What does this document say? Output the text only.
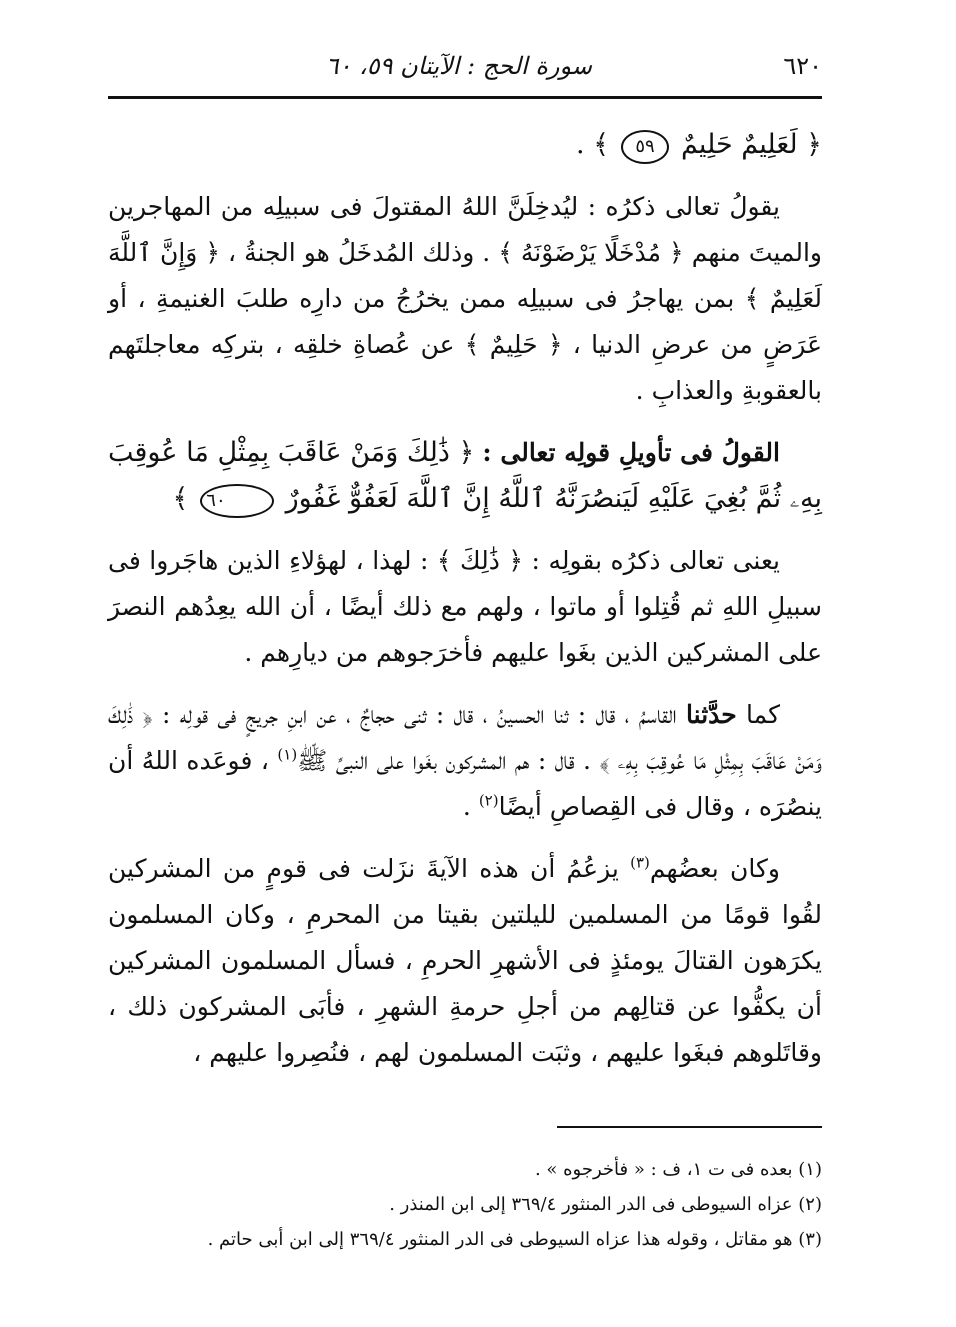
٦٢٠
سورة الحج : الآيتان ٥٩، ٦٠

﴿ لَعَلِيمٌ حَلِيمٌ ٥٩ ﴾ .

يقولُ تعالى ذكرُه : ليُدخِلَنَّ اللهُ المقتولَ فى سبيلِه من المهاجرين والميتَ منهم ﴿ مُدْخَلًا يَرْضَوْنَهُ ﴾ . وذلك المُدخَلُ هو الجنةُ ، ﴿ وَإِنَّ ٱللَّهَ لَعَلِيمٌ ﴾ بمن يهاجرُ فى سبيلِه ممن يخرُجُ من دارِه طلبَ الغنيمةِ ، أو عَرَضٍ من عرضِ الدنيا ، ﴿ حَلِيمٌ ﴾ عن عُصاةِ خلقِه ، بتركِه معاجلتَهم بالعقوبةِ والعذابِ .

القولُ فى تأويلِ قولِه تعالى : ﴿ ذَٰلِكَ وَمَنْ عَاقَبَ بِمِثْلِ مَا عُوقِبَ بِهِۦ ثُمَّ بُغِيَ عَلَيْهِ لَيَنصُرَنَّهُ ٱللَّهُ إِنَّ ٱللَّهَ لَعَفُوٌّ غَفُورٌ ٦٠ ﴾

يعنى تعالى ذكرُه بقولِه : ﴿ ذَٰلِكَ ﴾ : لهذا ، لهؤلاءِ الذين هاجَروا فى سبيلِ اللهِ ثم قُتِلوا أو ماتوا ، ولهم مع ذلك أيضًا ، أن الله يعِدُهم النصرَ على المشركين الذين بغَوا عليهم فأخرَجوهم من ديارِهم .

كما حدَّثنا القاسمُ ، قال : ثنا الحسينُ ، قال : ثنى حجاجٌ ، عن ابنِ جريجٍ فى قولِه : ﴿ ذَٰلِكَ وَمَنْ عَاقَبَ بِمِثْلِ مَا عُوقِبَ بِهِۦ ﴾ . قال : هم المشركون بغَوا على النبىِّ ﷺ$^{(١)}$ ، فوعَده اللهُ أن ينصُرَه ، وقال فى القِصاصِ أيضًا$^{(٢)}$ .

وكان بعضُهم$^{(٣)}$ يزعُمُ أن هذه الآيةَ نزَلت فى قومٍ من المشركين لقُوا قومًا من المسلمين لليلتين بقيتا من المحرمِ ، وكان المسلمون يكرَهون القتالَ يومئذٍ فى الأشهرِ الحرمِ ، فسأل المسلمون المشركين أن يكفُّوا عن قتالِهم من أجلِ حرمةِ الشهرِ ، فأبَى المشركون ذلك ، وقاتَلوهم فبغَوا عليهم ، وثبَت المسلمون لهم ، فنُصِروا عليهم ،

(١) بعده فى ت ١، ف : « فأخرجوه » .
(٢) عزاه السيوطى فى الدر المنثور ٣٦٩/٤ إلى ابن المنذر .
(٣) هو مقاتل ، وقوله هذا عزاه السيوطى فى الدر المنثور ٣٦٩/٤ إلى ابن أبى حاتم .
